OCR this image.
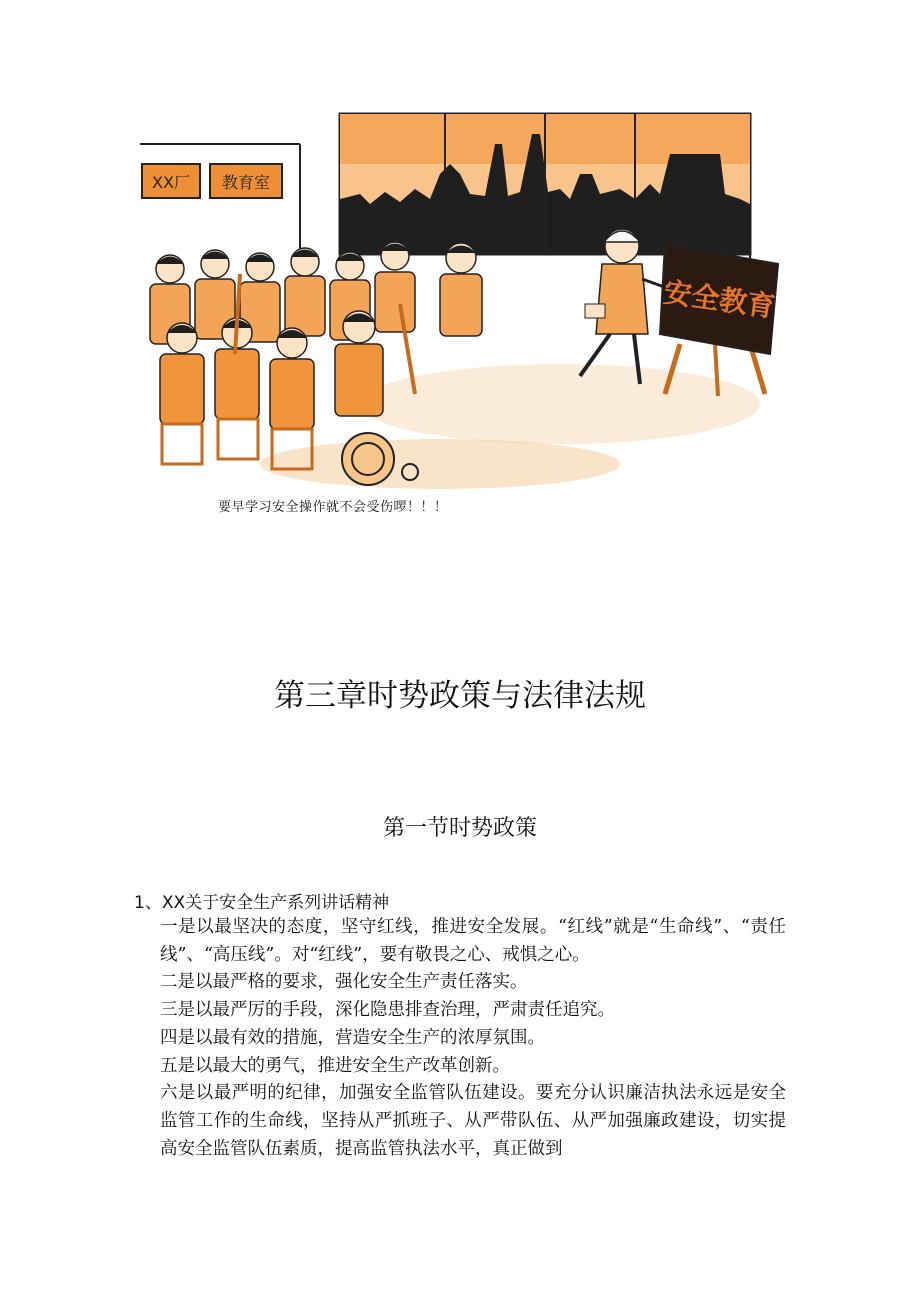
XX厂 教育室
安全教育
要早学习安全操作就不会受伤啰！！！
第三章时势政策与法律法规
第一节时势政策
1、XX关于安全生产系列讲话精神

一是以最坚决的态度，坚守红线，推进安全发展。“红线”就是“生命线”、“责任线”、“高压线”。对“红线”，要有敬畏之心、戒惧之心。

二是以最严格的要求，强化安全生产责任落实。

三是以最严厉的手段，深化隐患排查治理，严肃责任追究。

四是以最有效的措施，营造安全生产的浓厚氛围。

五是以最大的勇气，推进安全生产改革创新。

六是以最严明的纪律，加强安全监管队伍建设。要充分认识廉洁执法永远是安全监管工作的生命线，坚持从严抓班子、从严带队伍、从严加强廉政建设，切实提高安全监管队伍素质，提高监管执法水平，真正做到
